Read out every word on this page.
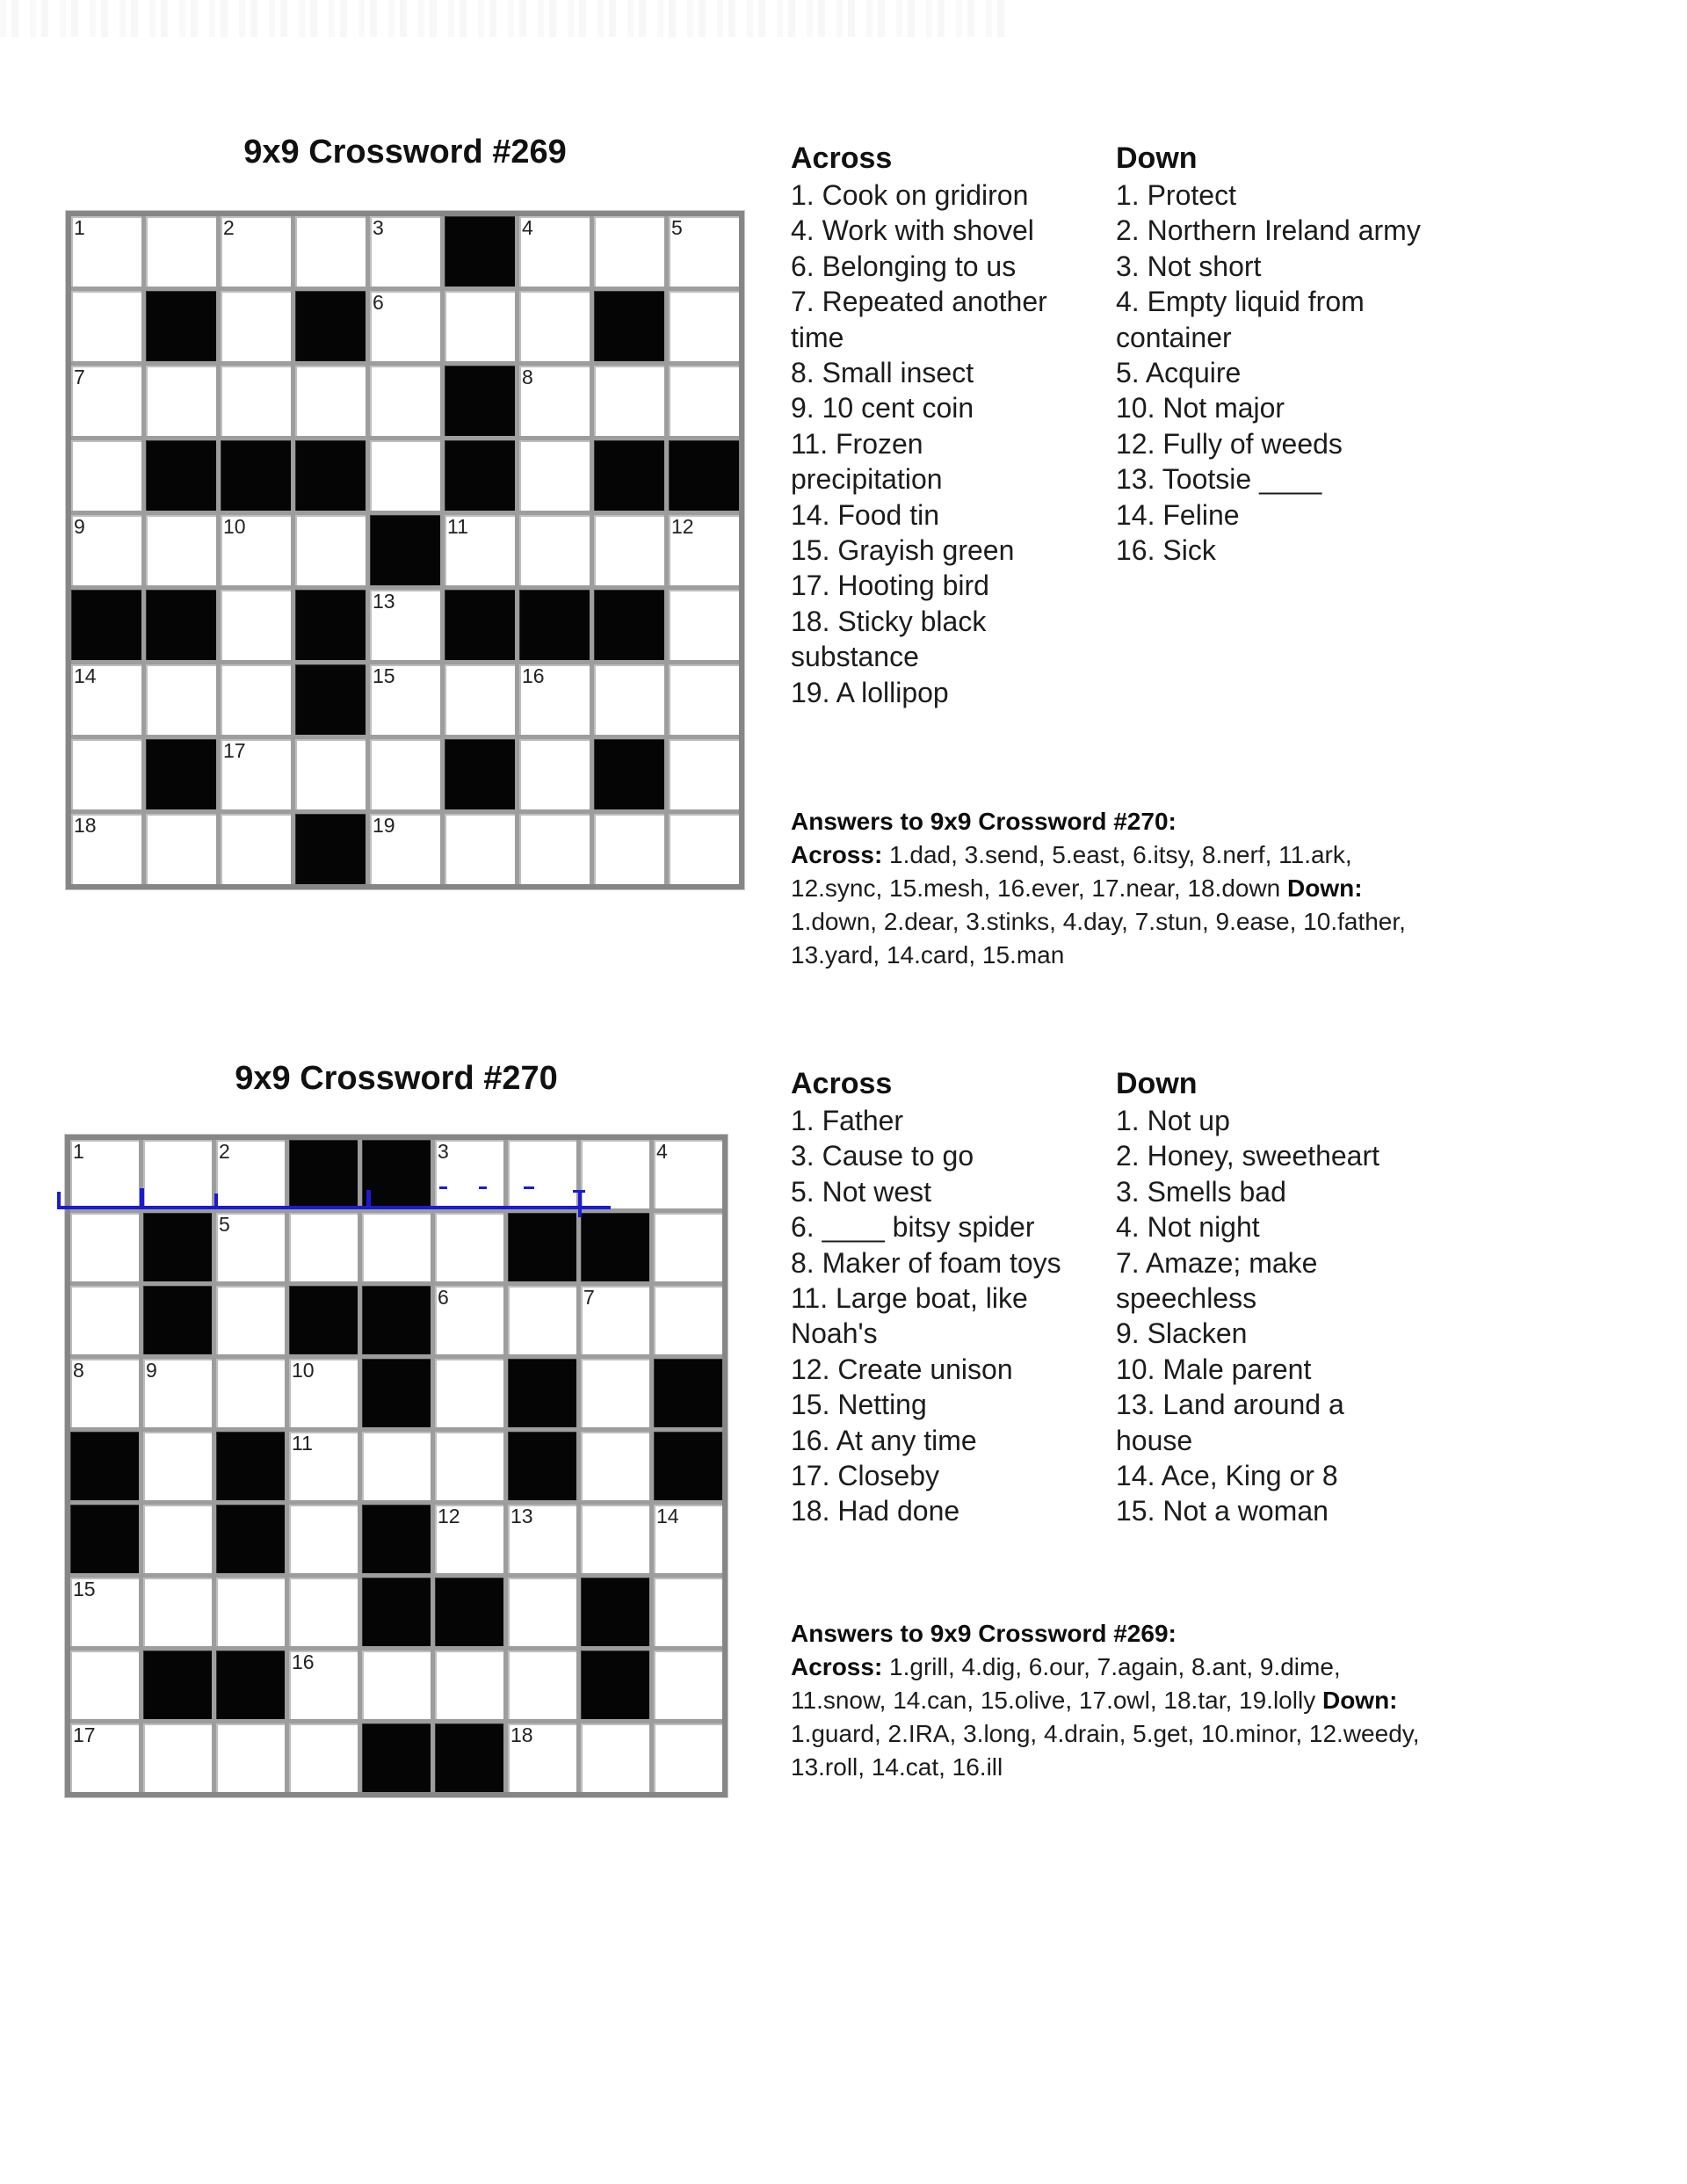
9x9 Crossword #269
1	2	3	4	5
6
7	8
9	10	11	12
13
14	15	16
17
18	19
Across
1. Cook on gridiron
4. Work with shovel
6. Belonging to us
7. Repeated another
time
8. Small insect
9. 10 cent coin
11. Frozen
precipitation
14. Food tin
15. Grayish green
17. Hooting bird
18. Sticky black
substance
19. A lollipop
Down
1. Protect
2. Northern Ireland army
3. Not short
4. Empty liquid from
container
5. Acquire
10. Not major
12. Fully of weeds
13. Tootsie ____
14. Feline
16. Sick
Answers to 9x9 Crossword #270:
Across: 1.dad, 3.send, 5.east, 6.itsy, 8.nerf, 11.ark,
12.sync, 15.mesh, 16.ever, 17.near, 18.down Down:
1.down, 2.dear, 3.stinks, 4.day, 7.stun, 9.ease, 10.father,
13.yard, 14.card, 15.man
9x9 Crossword #270
1	2	3	4
5
6	7
8	9	10
11
12 13	14
15
16
17	18
Across
1. Father
3. Cause to go
5. Not west
6. ____ bitsy spider
8. Maker of foam toys
11. Large boat, like
Noah's
12. Create unison
15. Netting
16. At any time
17. Closeby
18. Had done
Down
1. Not up
2. Honey, sweetheart
3. Smells bad
4. Not night
7. Amaze; make
speechless
9. Slacken
10. Male parent
13. Land around a
house
14. Ace, King or 8
15. Not a woman
Answers to 9x9 Crossword #269:
Across: 1.grill, 4.dig, 6.our, 7.again, 8.ant, 9.dime,
11.snow, 14.can, 15.olive, 17.owl, 18.tar, 19.lolly Down:
1.guard, 2.IRA, 3.long, 4.drain, 5.get, 10.minor, 12.weedy,
13.roll, 14.cat, 16.ill
